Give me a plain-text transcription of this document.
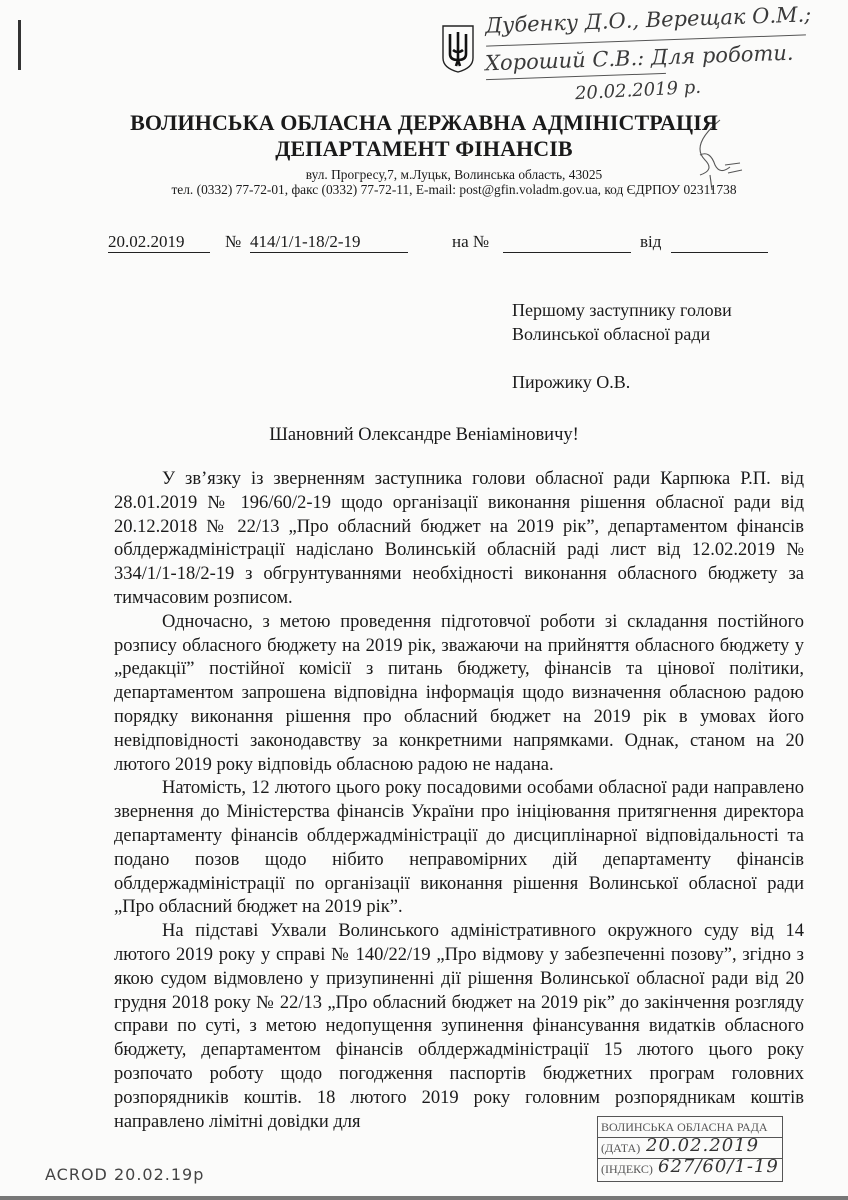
Дубенку Д.О., Верещак О.М.;
Хороший С.В.: Для роботи.
20.02.2019 р.
ВОЛИНСЬКА ОБЛАСНА ДЕРЖАВНА АДМІНІСТРАЦІЯ
ДЕПАРТАМЕНТ ФІНАНСІВ
вул. Прогресу,7, м.Луцьк, Волинська область, 43025
тел. (0332) 77-72-01, факс (0332) 77-72-11, E-mail: post@gfin.voladm.gov.ua, код ЄДРПОУ 02311738
20.02.2019	№ 414/1/1-18/2-19	на №	від
Першому заступнику голови
Волинської обласної ради
Пирожику О.В.
Шановний Олександре Веніаміновичу!

У зв’язку із зверненням заступника голови обласної ради Карпюка Р.П. від 28.01.2019 № 196/60/2-19 щодо організації виконання рішення обласної ради від 20.12.2018 № 22/13 „Про обласний бюджет на 2019 рік”, департаментом фінансів облдержадміністрації надіслано Волинській обласній раді лист від 12.02.2019 № 334/1/1-18/2-19 з обгрунтуваннями необхідності виконання обласного бюджету за тимчасовим розписом.

Одночасно, з метою проведення підготовчої роботи зі складання постійного розпису обласного бюджету на 2019 рік, зважаючи на прийняття обласного бюджету у „редакції” постійної комісії з питань бюджету, фінансів та цінової політики, департаментом запрошена відповідна інформація щодо визначення обласною радою порядку виконання рішення про обласний бюджет на 2019 рік в умовах його невідповідності законодавству за конкретними напрямками. Однак, станом на 20 лютого 2019 року відповідь обласною радою не надана.

Натомість, 12 лютого цього року посадовими особами обласної ради направлено звернення до Міністерства фінансів України про ініціювання притягнення директора департаменту фінансів облдержадміністрації до дисциплінарної відповідальності та подано позов щодо нібито неправомірних дій департаменту фінансів облдержадміністрації по організації виконання рішення Волинської обласної ради „Про обласний бюджет на 2019 рік”.

На підставі Ухвали Волинського адміністративного окружного суду від 14 лютого 2019 року у справі № 140/22/19 „Про відмову у забезпеченні позову”, згідно з якою судом відмовлено у призупиненні дії рішення Волинської обласної ради від 20 грудня 2018 року № 22/13 „Про обласний бюджет на 2019 рік” до закінчення розгляду справи по суті, з метою недопущення зупинення фінансування видатків обласного бюджету, департаментом фінансів облдержадміністрації 15 лютого цього року розпочато роботу щодо погодження паспортів бюджетних програм головних розпорядників коштів. 18 лютого 2019 року головним розпорядникам коштів направлено лімітні довідки для	ВОЛИНСЬКА ОБЛАСНА РАДА
(ДАТА) 20.02.2019
(ІНДЕКС) 627/60/1-19
ACROD 20.02.19р
